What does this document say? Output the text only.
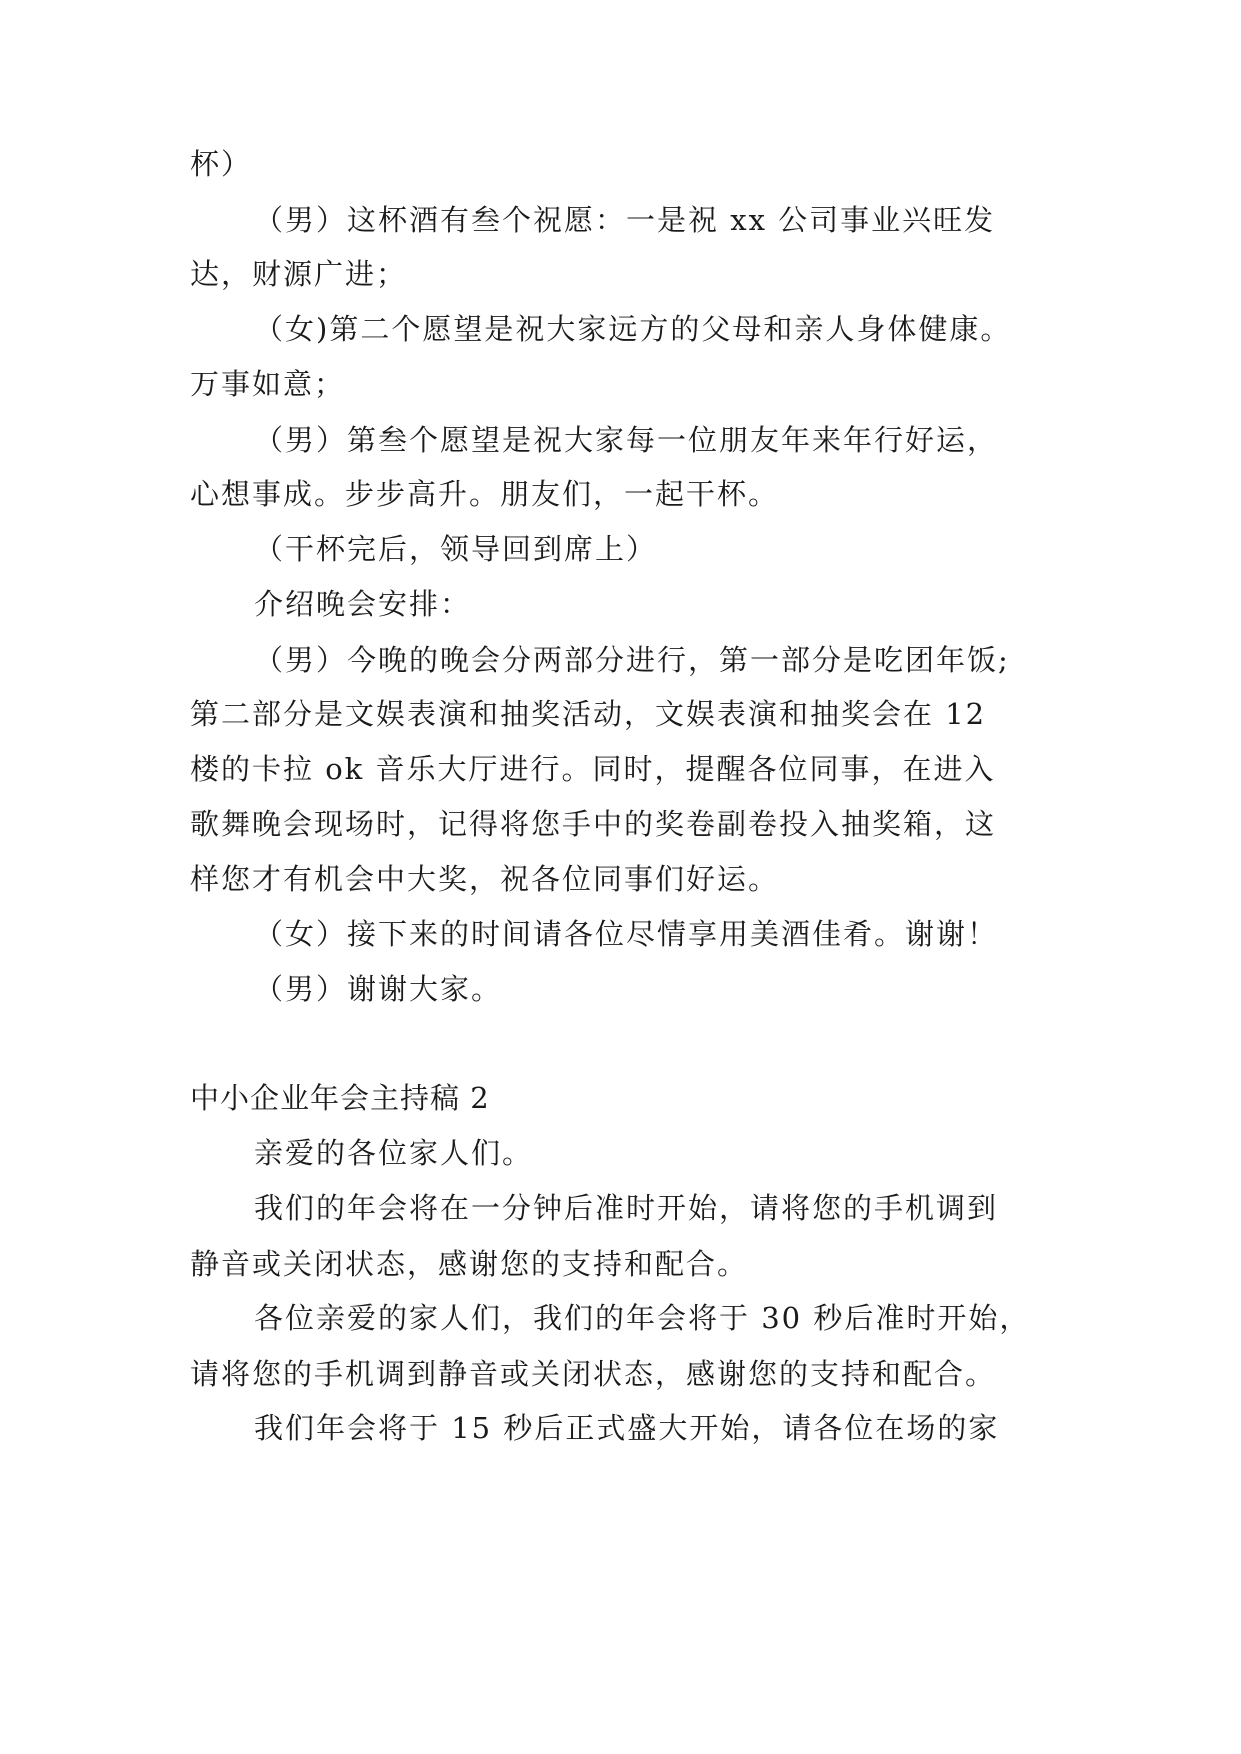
杯）
（男）这杯酒有叁个祝愿：一是祝 xx 公司事业兴旺发
达，财源广进；
（女)第二个愿望是祝大家远方的父母和亲人身体健康。
万事如意；
（男）第叁个愿望是祝大家每一位朋友年来年行好运，
心想事成。步步高升。朋友们，一起干杯。
（干杯完后，领导回到席上）
介绍晚会安排：
（男）今晚的晚会分两部分进行，第一部分是吃团年饭;
第二部分是文娱表演和抽奖活动，文娱表演和抽奖会在 12
楼的卡拉 ok 音乐大厅进行。同时，提醒各位同事，在进入
歌舞晚会现场时，记得将您手中的奖卷副卷投入抽奖箱，这
样您才有机会中大奖，祝各位同事们好运。
（女）接下来的时间请各位尽情享用美酒佳肴。谢谢！
（男）谢谢大家。
中小企业年会主持稿 2
亲爱的各位家人们。
我们的年会将在一分钟后准时开始，请将您的手机调到
静音或关闭状态，感谢您的支持和配合。
各位亲爱的家人们，我们的年会将于 30 秒后准时开始，
请将您的手机调到静音或关闭状态，感谢您的支持和配合。
我们年会将于 15 秒后正式盛大开始，请各位在场的家
